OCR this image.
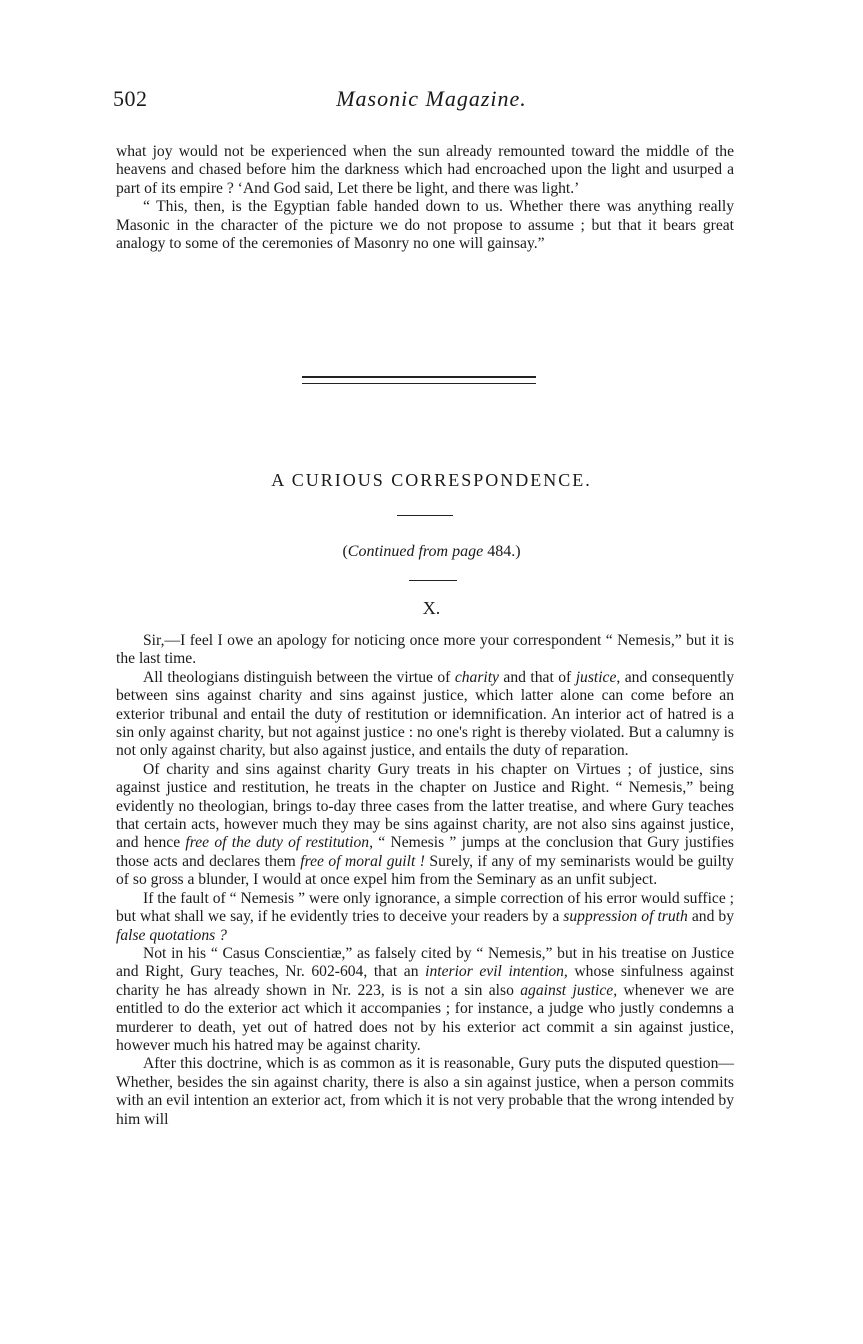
502	Masonic Magazine.

what joy would not be experienced when the sun already remounted toward the middle of the heavens and chased before him the darkness which had encroached upon the light and usurped a part of its empire ? ‘And God said, Let there be light, and there was light.’

“ This, then, is the Egyptian fable handed down to us. Whether there was anything really Masonic in the character of the picture we do not propose to assume ; but that it bears great analogy to some of the ceremonies of Masonry no one will gainsay.”

A CURIOUS CORRESPONDENCE.
(Continued from page 484.)
X.

Sir,—I feel I owe an apology for noticing once more your correspondent “ Nemesis,” but it is the last time.

All theologians distinguish between the virtue of charity and that of justice, and consequently between sins against charity and sins against justice, which latter alone can come before an exterior tribunal and entail the duty of restitution or idemnification. An interior act of hatred is a sin only against charity, but not against justice : no one's right is thereby violated. But a calumny is not only against charity, but also against justice, and entails the duty of reparation.

Of charity and sins against charity Gury treats in his chapter on Virtues ; of justice, sins against justice and restitution, he treats in the chapter on Justice and Right. “ Nemesis,” being evidently no theologian, brings to-day three cases from the latter treatise, and where Gury teaches that certain acts, however much they may be sins against charity, are not also sins against justice, and hence free of the duty of restitution, “ Nemesis ” jumps at the conclusion that Gury justifies those acts and declares them free of moral guilt ! Surely, if any of my seminarists would be guilty of so gross a blunder, I would at once expel him from the Seminary as an unfit subject.

If the fault of “ Nemesis ” were only ignorance, a simple correction of his error would suffice ; but what shall we say, if he evidently tries to deceive your readers by a suppression of truth and by false quotations ?

Not in his “ Casus Conscientiæ,” as falsely cited by “ Nemesis,” but in his treatise on Justice and Right, Gury teaches, Nr. 602-604, that an interior evil intention, whose sinfulness against charity he has already shown in Nr. 223, is is not a sin also against justice, whenever we are entitled to do the exterior act which it accompanies ; for instance, a judge who justly condemns a murderer to death, yet out of hatred does not by his exterior act commit a sin against justice, however much his hatred may be against charity.

After this doctrine, which is as common as it is reasonable, Gury puts the disputed question—Whether, besides the sin against charity, there is also a sin against justice, when a person commits with an evil intention an exterior act, from which it is not very probable that the wrong intended by him will
